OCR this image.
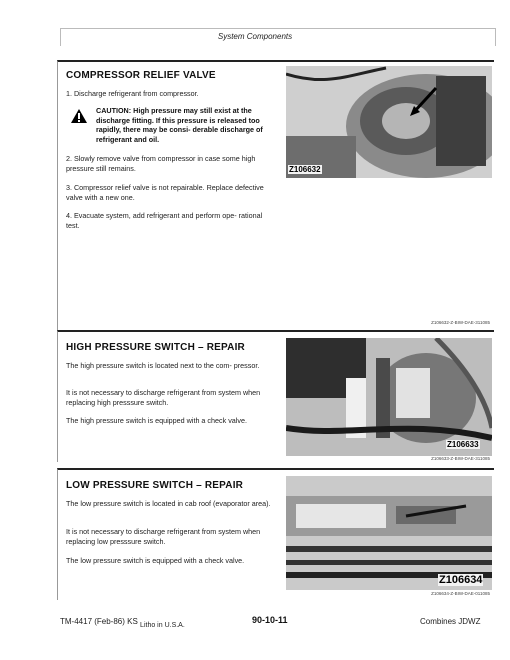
System Components
COMPRESSOR RELIEF VALVE

1. Discharge refrigerant from compressor.

CAUTION: High pressure may still exist at the discharge fitting. If this pressure is released too rapidly, there may be consi- derable discharge of refrigerant and oil.

2. Slowly remove valve from compressor in case some high pressure still remains.

3. Compressor relief valve is not repairable. Replace defective valve with a new one.

4. Evacuate system, add refrigerant and perform ope- rational test.

Z106632
Z106632-Z-BIW-DAE-311085
HIGH PRESSURE SWITCH – REPAIR

The high pressure switch is located next to the com- pressor.

It is not necessary to discharge refrigerant from system when replacing high presssure switch.

The high pressure switch is equipped with a check valve.

Z106633
Z106633-Z-BIW-DAE-311085
LOW PRESSURE SWITCH – REPAIR

The low pressure switch is located in cab roof (evaporator area).

It is not necessary to discharge refrigerant from system when replacing low presssure switch.

The low pressure switch is equipped with a check valve.

Z106634
Z106634-Z-BIW-DAE-011085
TM-4417 (Feb-86) KS Litho in U.S.A.
90-10-11	Combines JDWZ
